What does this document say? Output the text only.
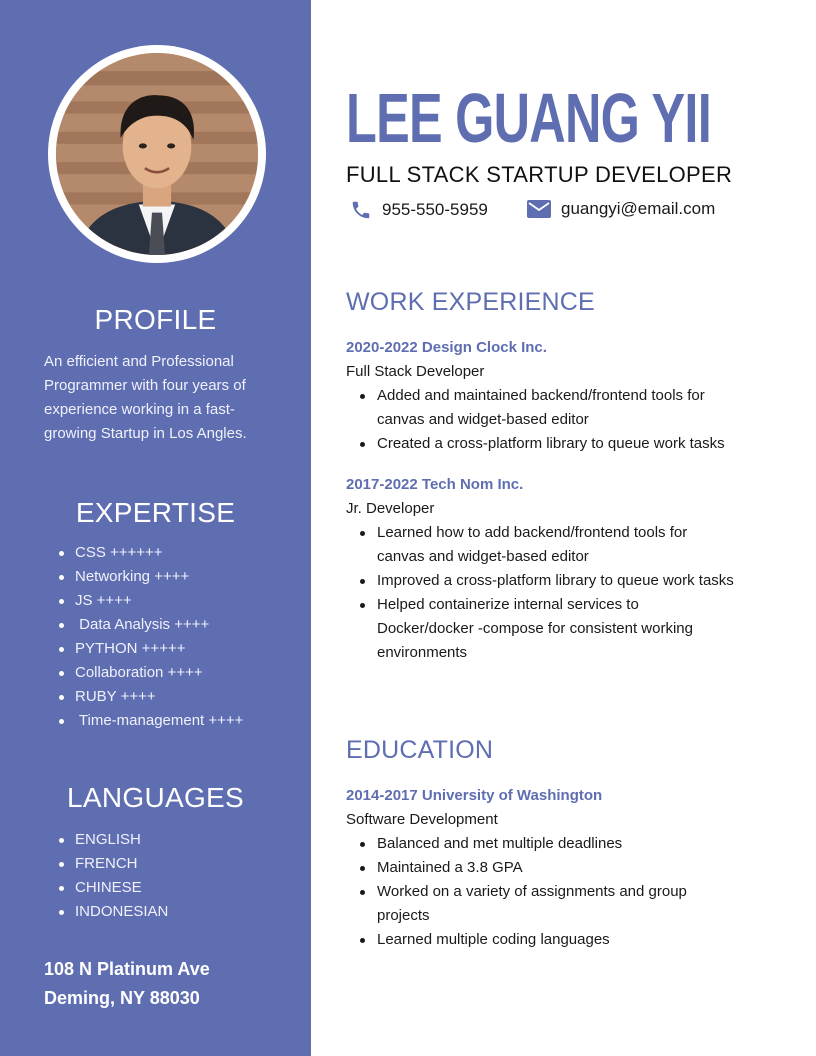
PROFILE

An efficient and Professional Programmer with four years of experience working in a fast-growing Startup in Los Angles.

EXPERTISE
CSS ++++++
Networking ++++
JS ++++
Data Analysis ++++
PYTHON +++++
Collaboration ++++
RUBY ++++
Time-management ++++
LANGUAGES
ENGLISH
FRENCH
CHINESE
INDONESIAN
108 N Platinum Ave
Deming, NY 88030
LEE GUANG YII
FULL STACK STARTUP DEVELOPER
955-550-5959	guangyi@email.com
WORK EXPERIENCE
2020-2022 Design Clock Inc.
Full Stack Developer
Added and maintained backend/frontend tools for canvas and widget-based editor
Created a cross-platform library to queue work tasks
2017-2022 Tech Nom Inc.
Jr. Developer
Learned how to add backend/frontend tools for canvas and widget-based editor
Improved a cross-platform library to queue work tasks
Helped containerize internal services to Docker/docker -compose for consistent working environments
EDUCATION
2014-2017 University of Washington
Software Development
Balanced and met multiple deadlines
Maintained a 3.8 GPA
Worked on a variety of assignments and group projects
Learned multiple coding languages
